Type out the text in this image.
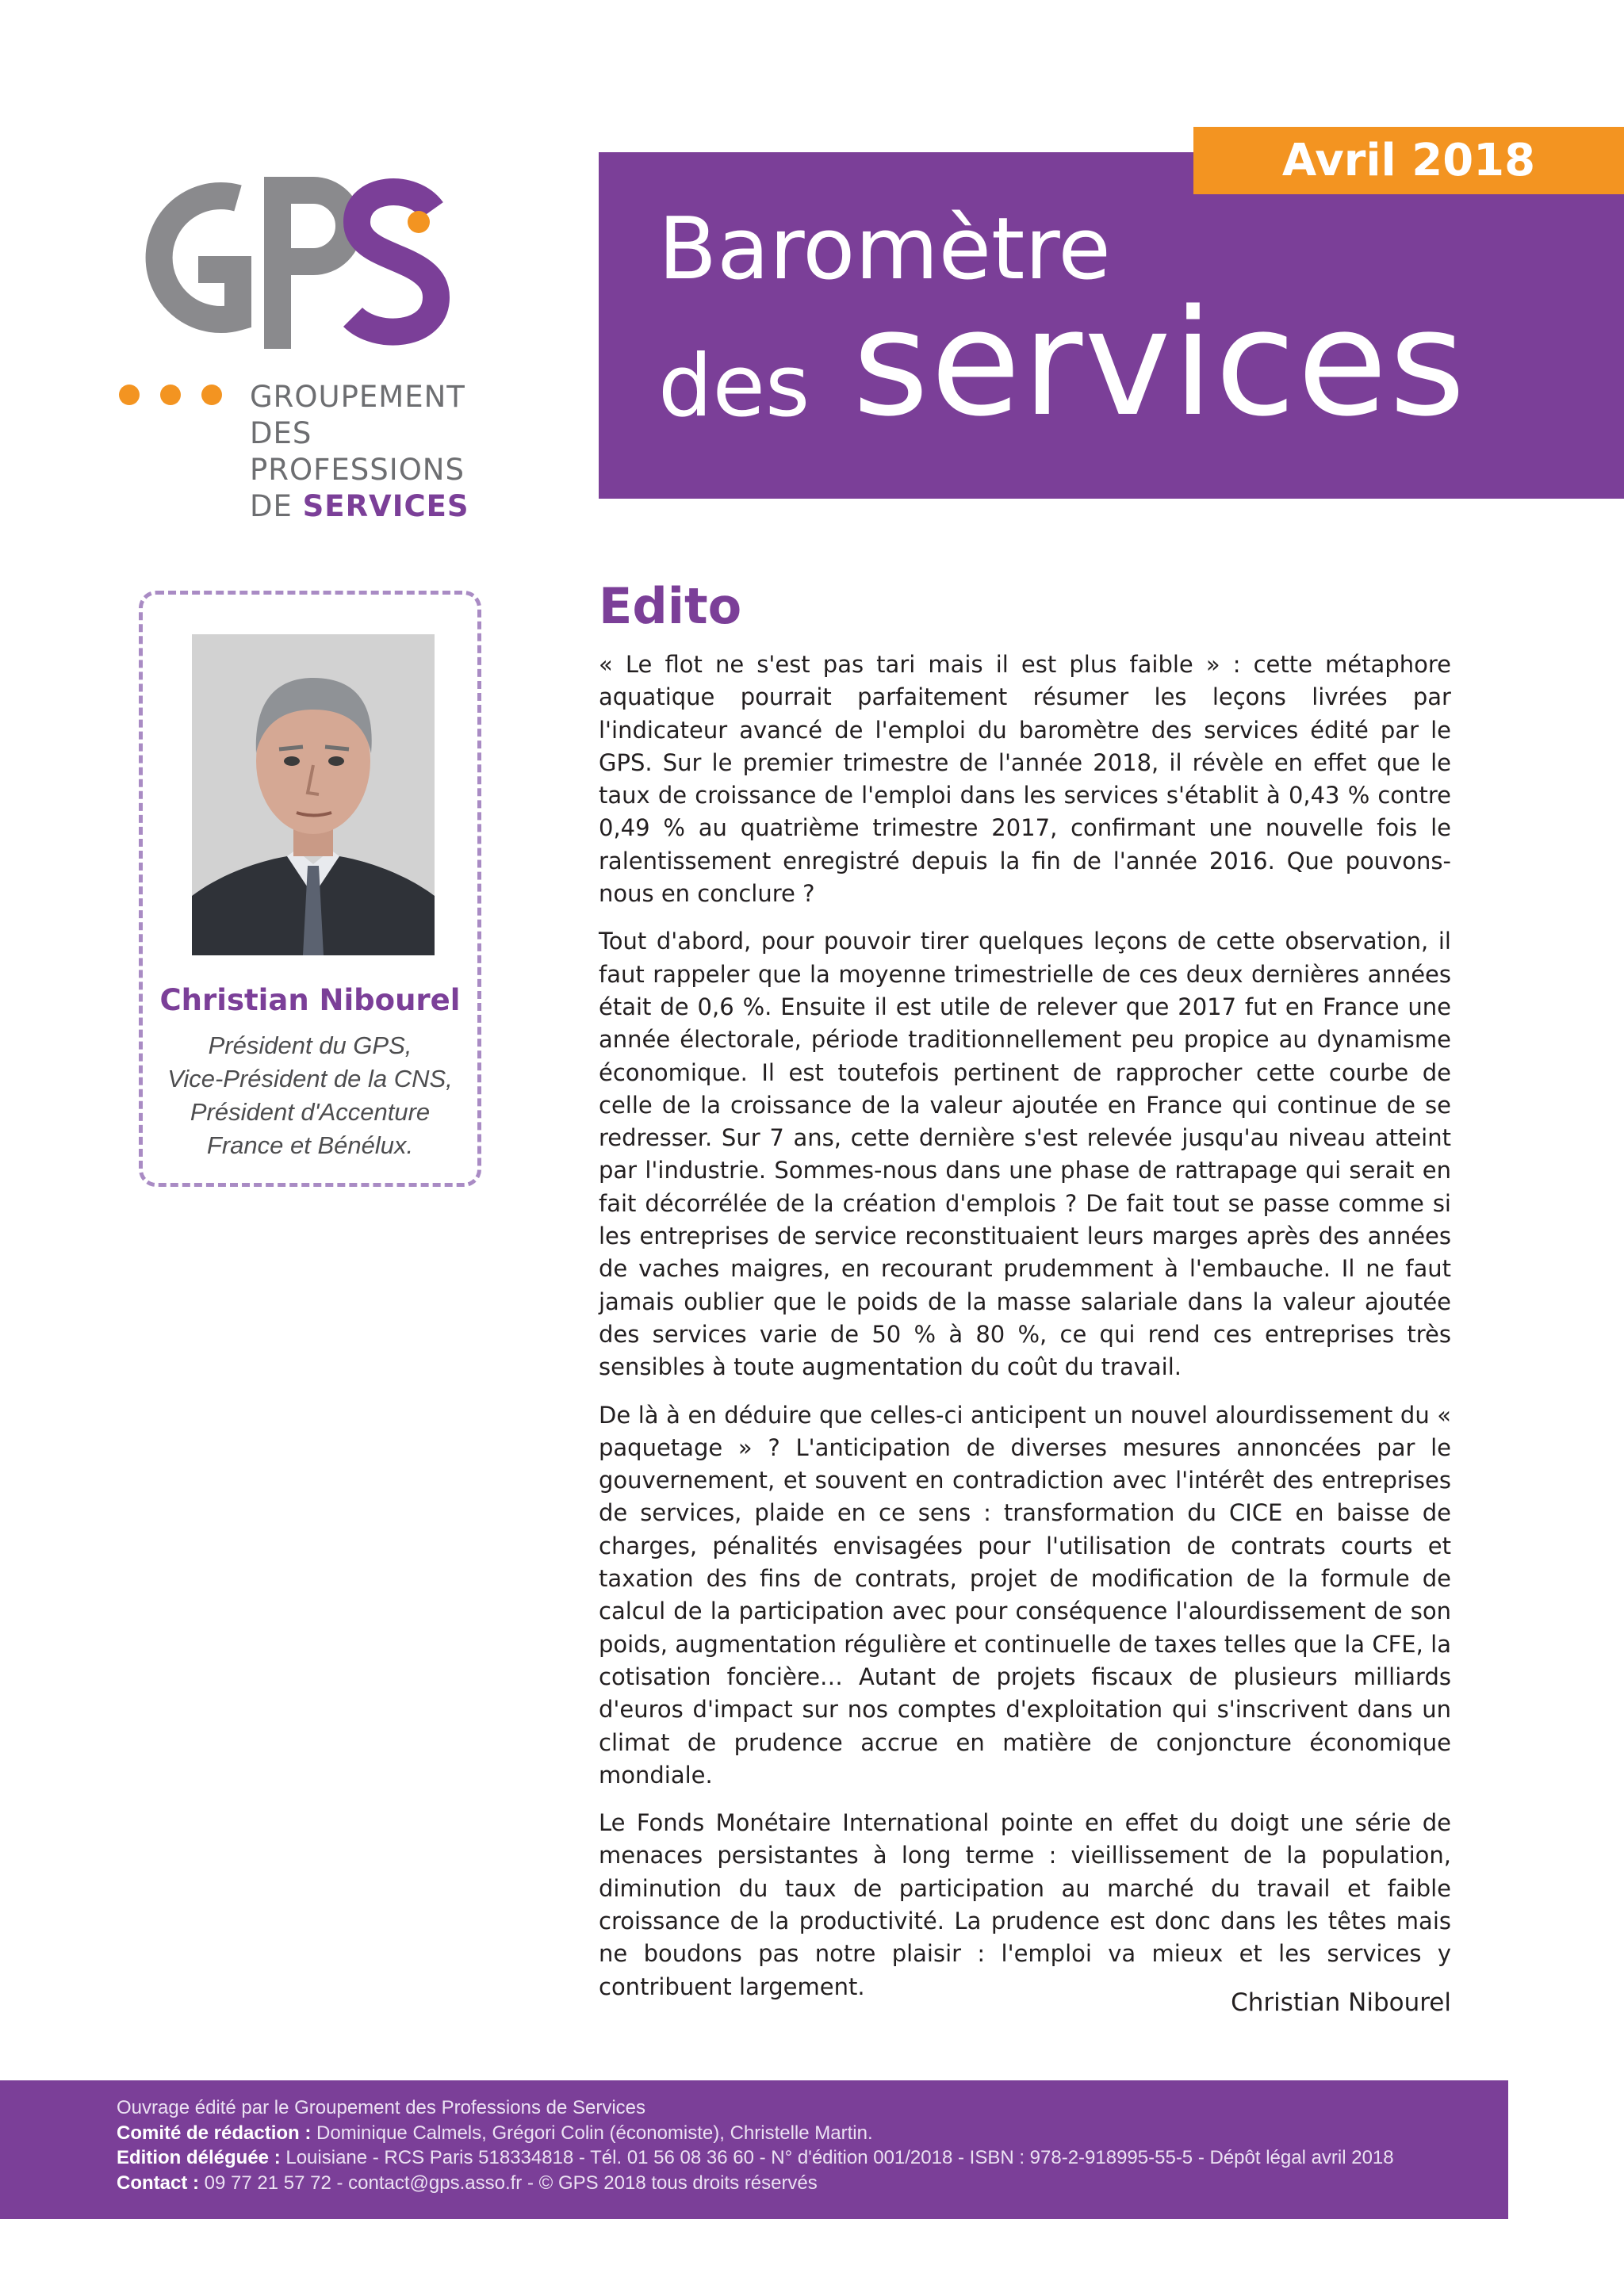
GROUPEMENT
DES PROFESSIONS
DE SERVICES
Avril 2018
Baromètre
des services
Christian Nibourel
Président du GPS,
Vice-Président de la CNS,
Président d'Accenture
France et Bénélux.
Edito

« Le flot ne s'est pas tari mais il est plus faible » : cette métaphore aquatique pourrait parfaitement résumer les leçons livrées par l'indicateur avancé de l'emploi du baromètre des services édité par le GPS. Sur le premier trimestre de l'année 2018, il révèle en effet que le taux de croissance de l'emploi dans les services s'établit à 0,43 % contre 0,49 % au quatrième trimestre 2017, confirmant une nouvelle fois le ralentissement enregistré depuis la fin de l'année 2016. Que pouvons-nous en conclure ?

Tout d'abord, pour pouvoir tirer quelques leçons de cette observation, il faut rappeler que la moyenne trimestrielle de ces deux dernières années était de 0,6 %. Ensuite il est utile de relever que 2017 fut en France une année électorale, période traditionnellement peu propice au dynamisme économique. Il est toutefois pertinent de rapprocher cette courbe de celle de la croissance de la valeur ajoutée en France qui continue de se redresser. Sur 7 ans, cette dernière s'est relevée jusqu'au niveau atteint par l'industrie. Sommes-nous dans une phase de rattrapage qui serait en fait décorrélée de la création d'emplois ? De fait tout se passe comme si les entreprises de service reconstituaient leurs marges après des années de vaches maigres, en recourant prudemment à l'embauche. Il ne faut jamais oublier que le poids de la masse salariale dans la valeur ajoutée des services varie de 50 % à 80 %, ce qui rend ces entreprises très sensibles à toute augmentation du coût du travail.

De là à en déduire que celles-ci anticipent un nouvel alourdissement du « paquetage » ? L'anticipation de diverses mesures annoncées par le gouvernement, et souvent en contradiction avec l'intérêt des entreprises de services, plaide en ce sens : transformation du CICE en baisse de charges, pénalités envisagées pour l'utilisation de contrats courts et taxation des fins de contrats, projet de modification de la formule de calcul de la participation avec pour conséquence l'alourdissement de son poids, augmentation régulière et continuelle de taxes telles que la CFE, la cotisation foncière… Autant de projets fiscaux de plusieurs milliards d'euros d'impact sur nos comptes d'exploitation qui s'inscrivent dans un climat de prudence accrue en matière de conjoncture économique mondiale.

Le Fonds Monétaire International pointe en effet du doigt une série de menaces persistantes à long terme : vieillissement de la population, diminution du taux de participation au marché du travail et faible croissance de la productivité. La prudence est donc dans les têtes mais ne boudons pas notre plaisir : l'emploi va mieux et les services y contribuent largement.

Christian Nibourel
Ouvrage édité par le Groupement des Professions de Services
Comité de rédaction : Dominique Calmels, Grégori Colin (économiste), Christelle Martin.
Edition déléguée : Louisiane - RCS Paris 518334818 - Tél. 01 56 08 36 60 - N° d'édition 001/2018 - ISBN : 978-2-918995-55-5 - Dépôt légal avril 2018
Contact : 09 77 21 57 72 - contact@gps.asso.fr - © GPS 2018 tous droits réservés
